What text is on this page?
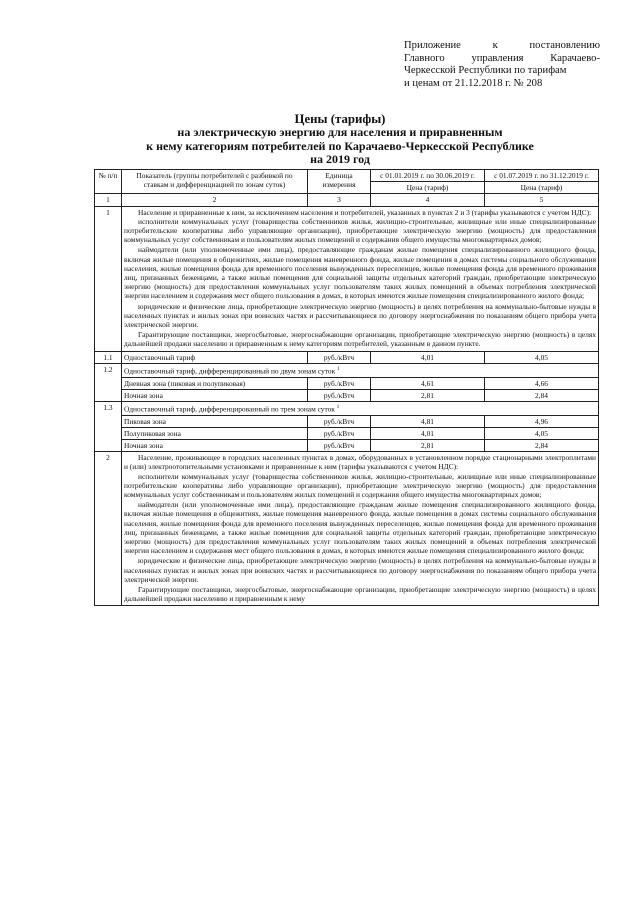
Приложение	к	постановлению
Главного	управления	Карачаево-
Черкесской Республики по тарифам
и ценам от 21.12.2018 г. № 208
Цены (тарифы)
на электрическую энергию для населения и приравненным
к нему категориям потребителей по Карачаево-Черкесской Республике
на 2019 год
№ п/п	Показатель (группы потребителей с разбивкой по ставкам и дифференциацией по зонам суток)	Единица измерения	с 01.01.2019 г. по 30.06.2019 г.	с 01.07.2019 г. по 31.12.2019 г.
			Цена (тариф)	Цена (тариф)
1	2	3	4	5
1	Население и приравненные к ним, за исключением населения и потребителей, указанных в пунктах 2 и 3 (тарифы указываются с учетом НДС):

исполнители коммунальных услуг (товарищества собственников жилья, жилищно-строительные, жилищные или иные специализированные потребительские кооперативы либо управляющие организации), приобретающие электрическую энергию (мощность) для предоставления коммунальных услуг собственникам и пользователям жилых помещений и содержания общего имущества многоквартирных домов;

наймодатели (или уполномоченные ими лица), предоставляющие гражданам жилые помещения специализированного жилищного фонда, включая жилые помещения в общежитиях, жилые помещения маневренного фонда, жилые помещения в домах системы социального обслуживания населения, жилые помещения фонда для временного поселения вынужденных переселенцев, жилые помещения фонда для временного проживания лиц, признанных беженцами, а также жилые помещения для социальной защиты отдельных категорий граждан, приобретающие электрическую энергию (мощность) для предоставления коммунальных услуг пользователям таких жилых помещений в объемах потребления электрической энергии населением и содержания мест общего пользования в домах, в которых имеются жилые помещения специализированного жилого фонда;

юридические и физические лица, приобретающие электрическую энергию (мощность) в целях потребления на коммунально-бытовые нужды в населенных пунктах и жилых зонах при воинских частях и рассчитывающиеся по договору энергоснабжения по показаниям общего прибора учета электрической энергии.

Гарантирующие поставщики, энергосбытовые, энергоснабжающие организации, приобретающие электрическую энергию (мощность) в целях дальнейшей продажи населению и приравненным к нему категориям потребителей, указанным в данном пункте.			

1.1	Одноставочный тариф	руб./кВтч	4,01	4,05
1.2	Одноставочный тариф, дифференцированный по двум зонам суток $^1$
	Дневная зона (пиковая и полупиковая)	руб./кВтч	4,61	4,66
	Ночная зона	руб./кВтч	2,81	2,84
1.3	Одноставочный тариф, дифференцированный по трем зонам суток $^1$
	Пиковая зона	руб./кВтч	4,81	4,96
	Полупиковая зона	руб./кВтч	4,01	4,05
	Ночная зона	руб./кВтч	2,81	2,84
2	Население, проживающее в городских населенных пунктах в домах, оборудованных в установленном порядке стационарными электроплитами и (или) электроотопительными установками и приравненные к ним (тарифы указываются с учетом НДС):

исполнители коммунальных услуг (товарищества собственников жилья, жилищно-строительные, жилищные или иные специализированные потребительские кооперативы либо управляющие организации), приобретающие электрическую энергию (мощность) для предоставления коммунальных услуг собственникам и пользователям жилых помещений и содержания общего имущества многоквартирных домов;

наймодатели (или уполномоченные ими лица), предоставляющие гражданам жилые помещения специализированного жилищного фонда, включая жилые помещения в общежитиях, жилые помещения маневренного фонда, жилые помещения в домах системы социального обслуживания населения, жилые помещения фонда для временного поселения вынужденных переселенцев, жилые помещения фонда для временного проживания лиц, признанных беженцами, а также жилые помещения для социальной защиты отдельных категорий граждан, приобретающие электрическую энергию (мощность) для предоставления коммунальных услуг пользователям таких жилых помещений в объемах потребления электрической энергии населением и содержания мест общего пользования в домах, в которых имеются жилые помещения специализированного жилого фонда;

юридические и физические лица, приобретающие электрическую энергию (мощность) в целях потребления на коммунально-бытовые нужды в населенных пунктах и жилых зонах при воинских частях и рассчитывающиеся по договору энергоснабжения по показаниям общего прибора учета электрической энергии.

Гарантирующие поставщики, энергосбытовые, энергоснабжающие организации, приобретающие электрическую энергию (мощность) в целях дальнейшей продажи населению и приравненным к нему			
